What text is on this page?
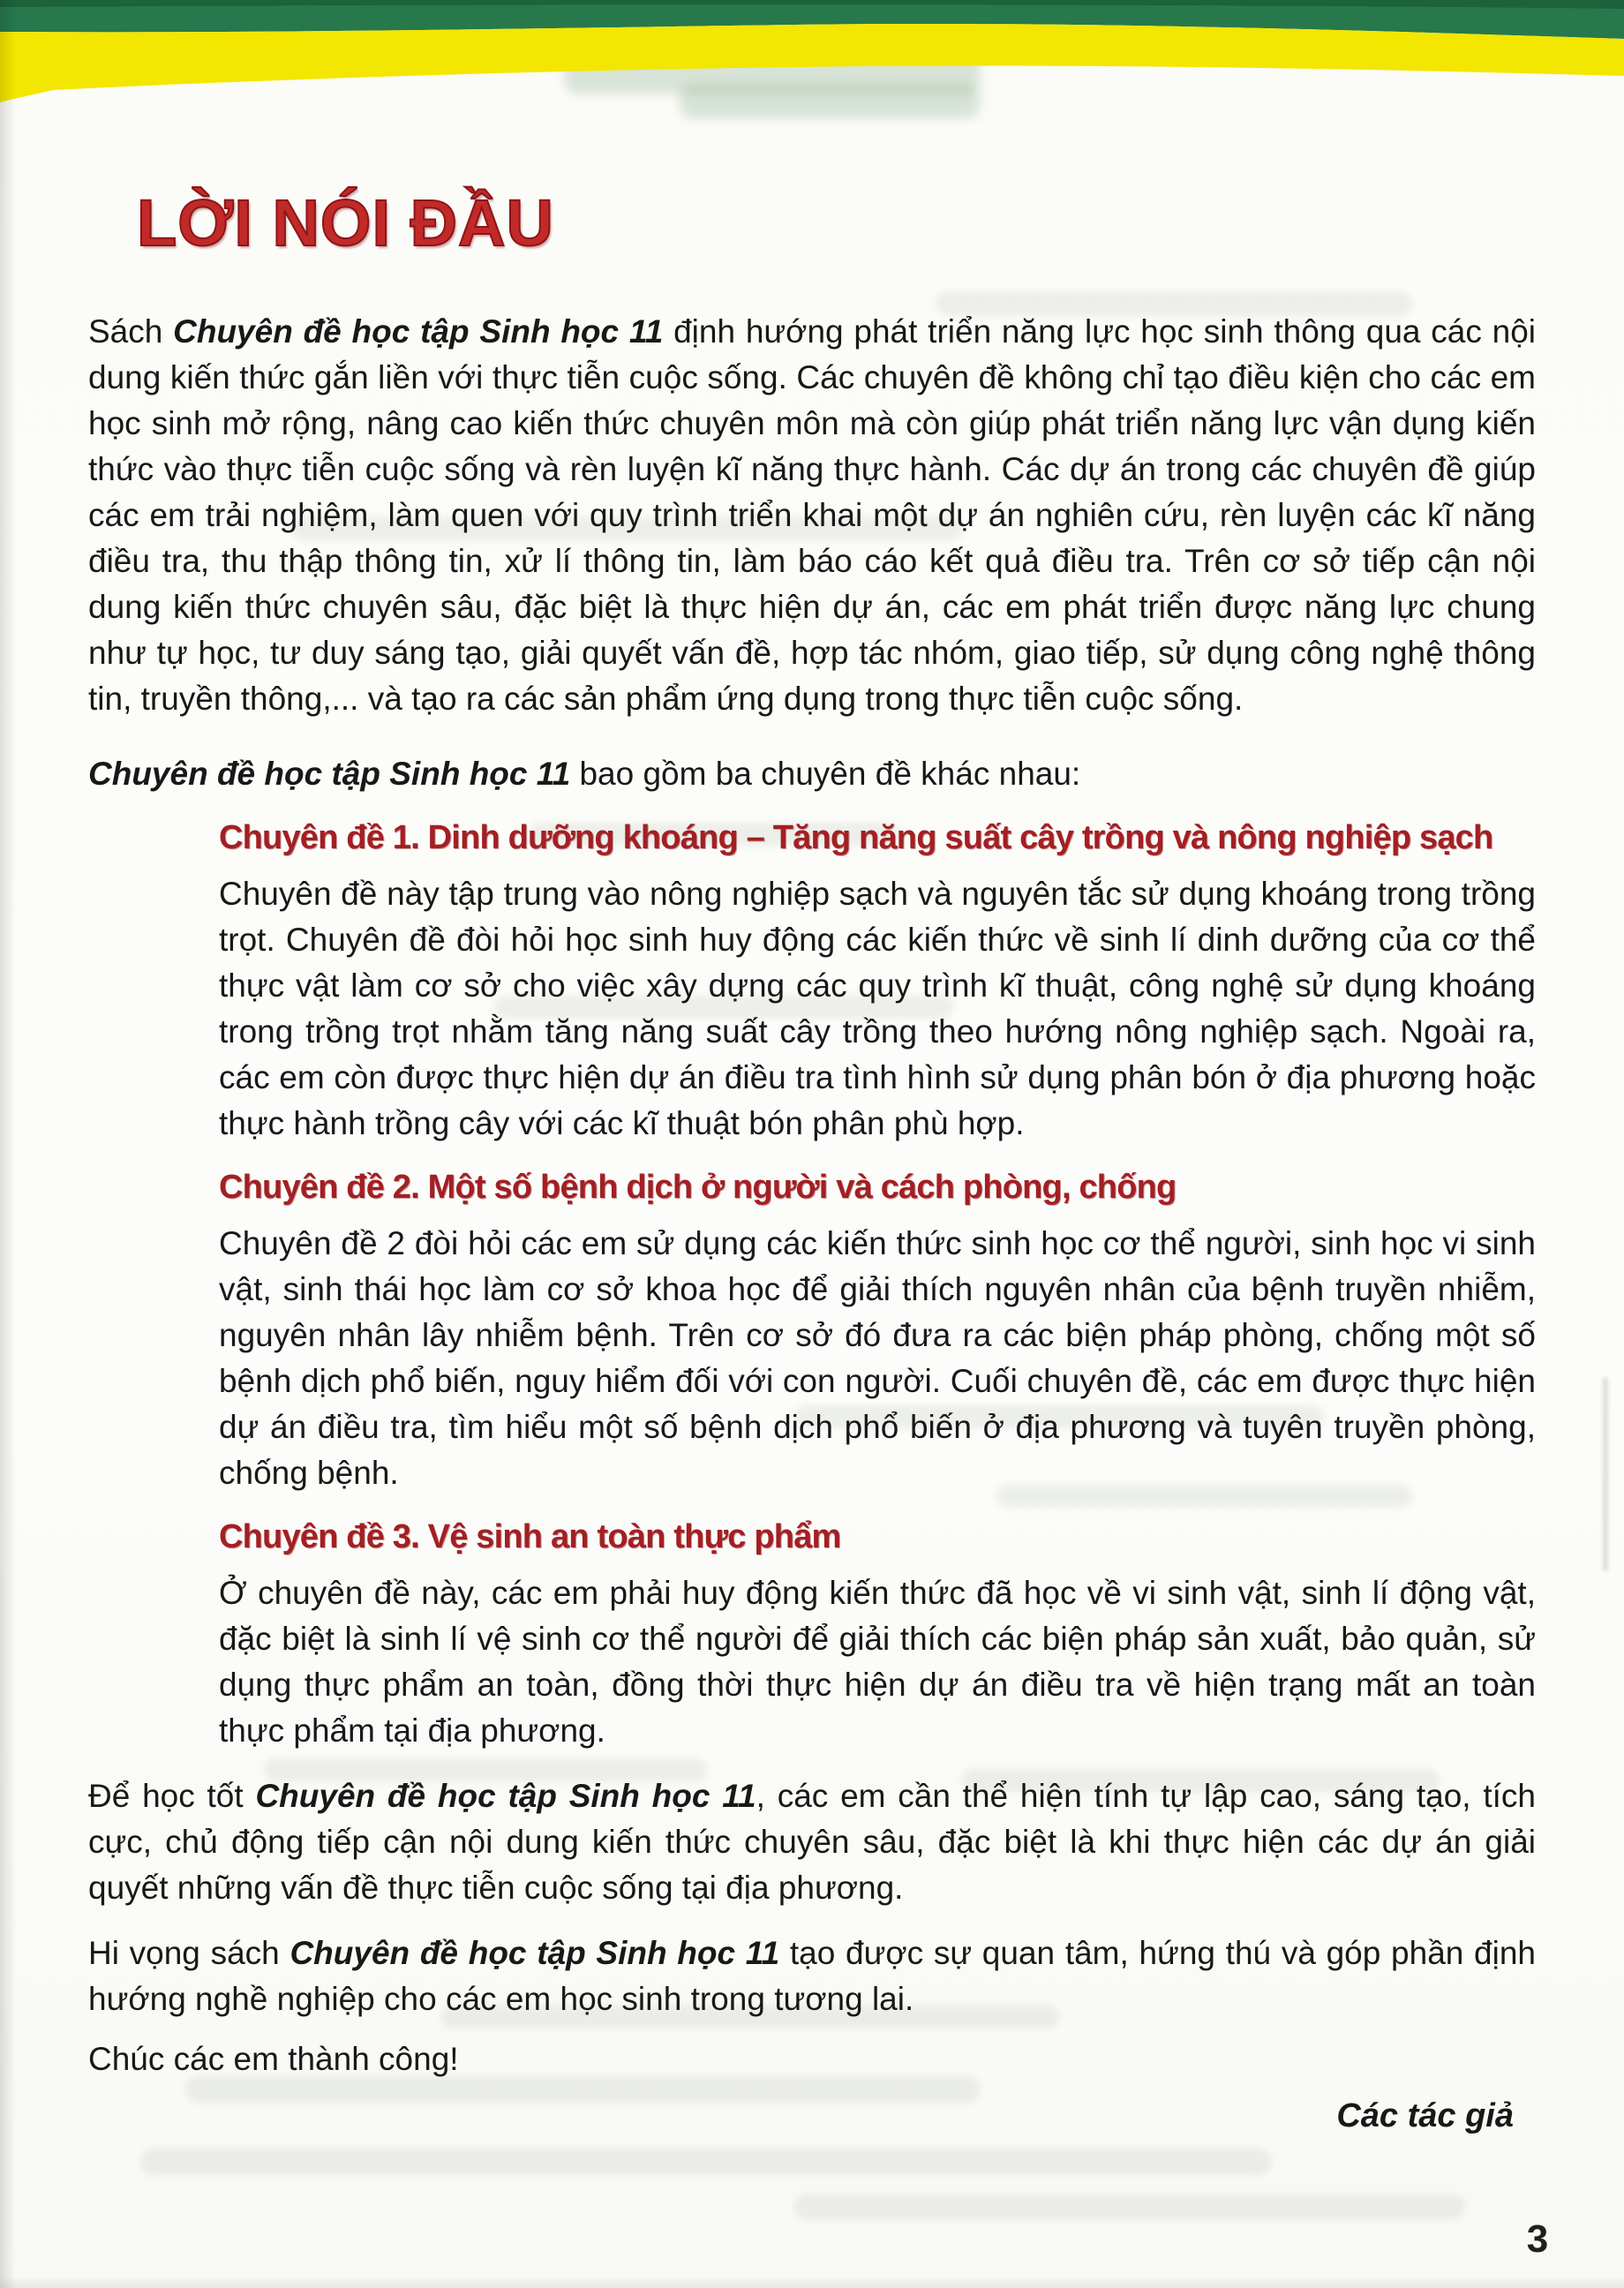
LỜI NÓI ĐẦU

Sách Chuyên đề học tập Sinh học 11 định hướng phát triển năng lực học sinh thông qua các nội dung kiến thức gắn liền với thực tiễn cuộc sống. Các chuyên đề không chỉ tạo điều kiện cho các em học sinh mở rộng, nâng cao kiến thức chuyên môn mà còn giúp phát triển năng lực vận dụng kiến thức vào thực tiễn cuộc sống và rèn luyện kĩ năng thực hành. Các dự án trong các chuyên đề giúp các em trải nghiệm, làm quen với quy trình triển khai một dự án nghiên cứu, rèn luyện các kĩ năng điều tra, thu thập thông tin, xử lí thông tin, làm báo cáo kết quả điều tra. Trên cơ sở tiếp cận nội dung kiến thức chuyên sâu, đặc biệt là thực hiện dự án, các em phát triển được năng lực chung như tự học, tư duy sáng tạo, giải quyết vấn đề, hợp tác nhóm, giao tiếp, sử dụng công nghệ thông tin, truyền thông,... và tạo ra các sản phẩm ứng dụng trong thực tiễn cuộc sống.

Chuyên đề học tập Sinh học 11 bao gồm ba chuyên đề khác nhau:

Chuyên đề 1. Dinh dưỡng khoáng – Tăng năng suất cây trồng và nông nghiệp sạch

Chuyên đề này tập trung vào nông nghiệp sạch và nguyên tắc sử dụng khoáng trong trồng trọt. Chuyên đề đòi hỏi học sinh huy động các kiến thức về sinh lí dinh dưỡng của cơ thể thực vật làm cơ sở cho việc xây dựng các quy trình kĩ thuật, công nghệ sử dụng khoáng trong trồng trọt nhằm tăng năng suất cây trồng theo hướng nông nghiệp sạch. Ngoài ra, các em còn được thực hiện dự án điều tra tình hình sử dụng phân bón ở địa phương hoặc thực hành trồng cây với các kĩ thuật bón phân phù hợp.

Chuyên đề 2. Một số bệnh dịch ở người và cách phòng, chống

Chuyên đề 2 đòi hỏi các em sử dụng các kiến thức sinh học cơ thể người, sinh học vi sinh vật, sinh thái học làm cơ sở khoa học để giải thích nguyên nhân của bệnh truyền nhiễm, nguyên nhân lây nhiễm bệnh. Trên cơ sở đó đưa ra các biện pháp phòng, chống một số bệnh dịch phổ biến, nguy hiểm đối với con người. Cuối chuyên đề, các em được thực hiện dự án điều tra, tìm hiểu một số bệnh dịch phổ biến ở địa phương và tuyên truyền phòng, chống bệnh.

Chuyên đề 3. Vệ sinh an toàn thực phẩm

Ở chuyên đề này, các em phải huy động kiến thức đã học về vi sinh vật, sinh lí động vật, đặc biệt là sinh lí vệ sinh cơ thể người để giải thích các biện pháp sản xuất, bảo quản, sử dụng thực phẩm an toàn, đồng thời thực hiện dự án điều tra về hiện trạng mất an toàn thực phẩm tại địa phương.

Để học tốt Chuyên đề học tập Sinh học 11, các em cần thể hiện tính tự lập cao, sáng tạo, tích cực, chủ động tiếp cận nội dung kiến thức chuyên sâu, đặc biệt là khi thực hiện các dự án giải quyết những vấn đề thực tiễn cuộc sống tại địa phương.

Hi vọng sách Chuyên đề học tập Sinh học 11 tạo được sự quan tâm, hứng thú và góp phần định hướng nghề nghiệp cho các em học sinh trong tương lai.

Chúc các em thành công!

Các tác giả
3
